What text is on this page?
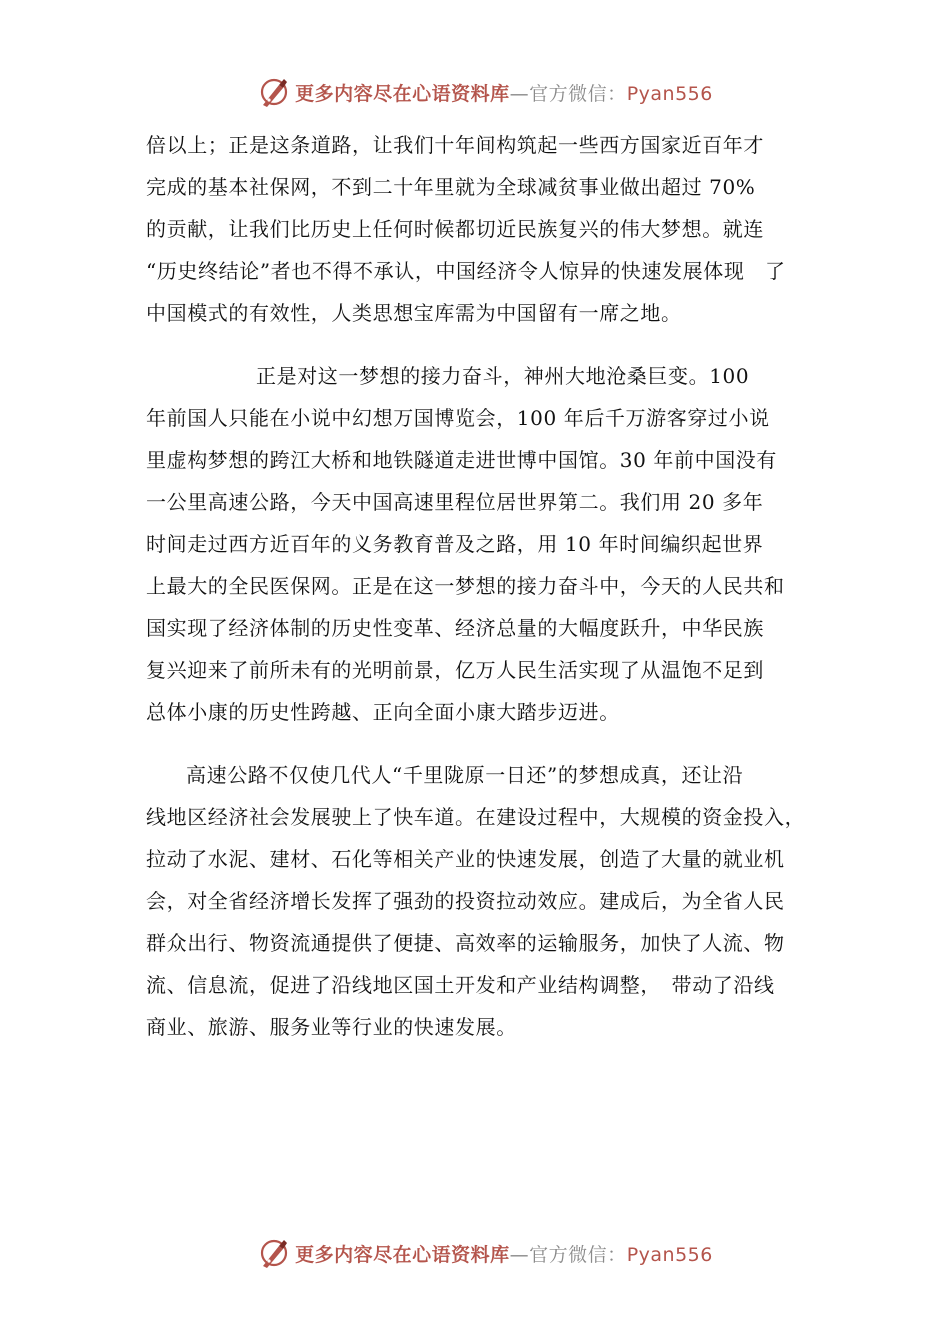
更多内容尽在心语资料库—官方微信：Pyan556
倍以上；正是这条道路，让我们十年间构筑起一些西方国家近百年才
完成的基本社保网，不到二十年里就为全球减贫事业做出超过 70%
的贡献，让我们比历史上任何时候都切近民族复兴的伟大梦想。就连
“历史终结论”者也不得不承认，中国经济令人惊异的快速发展体现　了
中国模式的有效性，人类思想宝库需为中国留有一席之地。
正是对这一梦想的接力奋斗，神州大地沧桑巨变。100
年前国人只能在小说中幻想万国博览会，100 年后千万游客穿过小说
里虚构梦想的跨江大桥和地铁隧道走进世博中国馆。30 年前中国没有
一公里高速公路，今天中国高速里程位居世界第二。我们用 20 多年
时间走过西方近百年的义务教育普及之路，用 10 年时间编织起世界
上最大的全民医保网。正是在这一梦想的接力奋斗中，今天的人民共和
国实现了经济体制的历史性变革、经济总量的大幅度跃升，中华民族
复兴迎来了前所未有的光明前景，亿万人民生活实现了从温饱不足到
总体小康的历史性跨越、正向全面小康大踏步迈进。
高速公路不仅使几代人“千里陇原一日还”的梦想成真，还让沿
线地区经济社会发展驶上了快车道。在建设过程中，大规模的资金投入，
拉动了水泥、建材、石化等相关产业的快速发展，创造了大量的就业机
会，对全省经济增长发挥了强劲的投资拉动效应。建成后，为全省人民
群众出行、物资流通提供了便捷、高效率的运输服务，加快了人流、物
流、信息流，促进了沿线地区国土开发和产业结构调整，　带动了沿线
商业、旅游、服务业等行业的快速发展。
更多内容尽在心语资料库—官方微信：Pyan556
